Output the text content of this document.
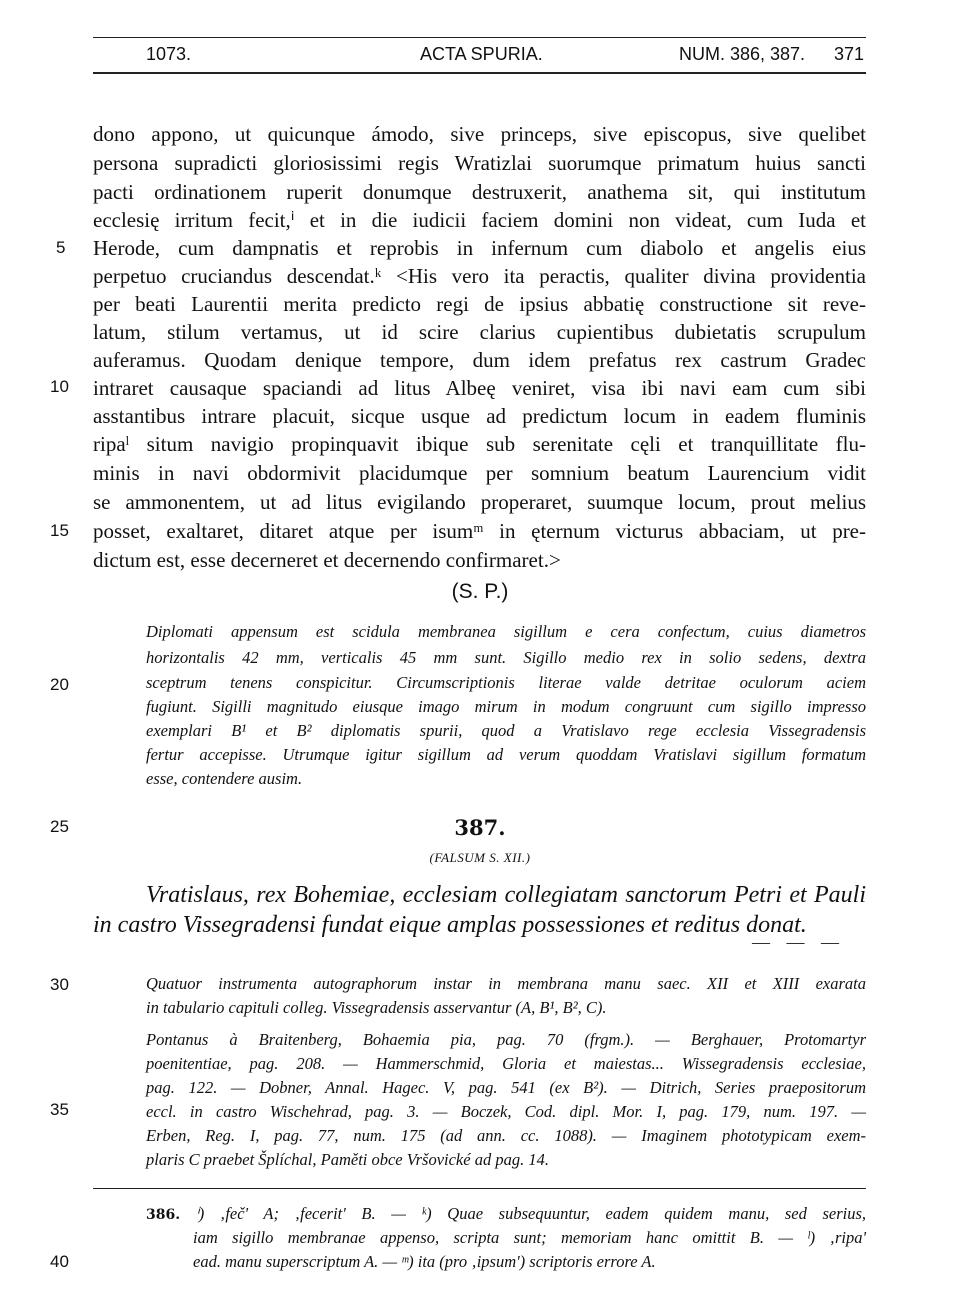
1073.	ACTA SPURIA.	NUM. 386, 387. 371
5
10
15
20
25
30
35
40
dono appono, ut quicunque ámodo, sive princeps, sive episcopus, sive quelibet
persona supradicti gloriosissimi regis Wratizlai suorumque primatum huius sancti
pacti ordinationem ruperit donumque destruxerit, anathema sit, qui institutum
ecclesię irritum fecit,ⁱ et in die iudicii faciem domini non videat, cum Iuda et
Herode, cum dampnatis et reprobis in infernum cum diabolo et angelis eius
perpetuo cruciandus descendat.ᵏ <His vero ita peractis, qualiter divina providentia
per beati Laurentii merita predicto regi de ipsius abbatię constructione sit reve-
latum, stilum vertamus, ut id scire clarius cupientibus dubietatis scrupulum
auferamus. Quodam denique tempore, dum idem prefatus rex castrum Gradec
intraret causaque spaciandi ad litus Albeę veniret, visa ibi navi eam cum sibi
asstantibus intrare placuit, sicque usque ad predictum locum in eadem fluminis
ripaˡ situm navigio propinquavit ibique sub serenitate cęli et tranquillitate flu-
minis in navi obdormivit placidumque per somnium beatum Laurencium vidit
se ammonentem, ut ad litus evigilando properaret, suumque locum, prout melius
posset, exaltaret, ditaret atque per isumᵐ in ęternum victurus abbaciam, ut pre-
dictum est, esse decerneret et decernendo confirmaret.>
(S. P.)
Diplomati appensum est scidula membranea sigillum e cera confectum, cuius diametros
horizontalis 42 mm, verticalis 45 mm sunt. Sigillo medio rex in solio sedens, dextra
sceptrum tenens conspicitur. Circumscriptionis literae valde detritae oculorum aciem
fugiunt. Sigilli magnitudo eiusque imago mirum in modum congruunt cum sigillo impresso
exemplari B¹ et B² diplomatis spurii, quod a Vratislavo rege ecclesia Vissegradensis
fertur accepisse. Utrumque igitur sigillum ad verum quoddam Vratislavi sigillum formatum
esse, contendere ausim.
387.
(FALSUM S. XII.)
Vratislaus, rex Bohemiae, ecclesiam collegiatam sanctorum Petri et Pauli
in castro Vissegradensi fundat eique amplas possessiones et reditus donat.
— — —
Quatuor instrumenta autographorum instar in membrana manu saec. XII et XIII exarata
in tabulario capituli colleg. Vissegradensis asservantur (A, B¹, B², C).
Pontanus à Braitenberg, Bohaemia pia, pag. 70 (frgm.). — Berghauer, Protomartyr
poenitentiae, pag. 208. — Hammerschmid, Gloria et maiestas... Wissegradensis ecclesiae,
pag. 122. — Dobner, Annal. Hagec. V, pag. 541 (ex B²). — Ditrich, Series praepositorum
eccl. in castro Wischehrad, pag. 3. — Boczek, Cod. dipl. Mor. I, pag. 179, num. 197. —
Erben, Reg. I, pag. 77, num. 175 (ad ann. cc. 1088). — Imaginem phototypicam exem-
plaris C praebet Šplíchal, Paměti obce Vršovické ad pag. 14.
386. ⁱ) ‚feč' A; ‚fecerit' B. — ᵏ) Quae subsequuntur, eadem quidem manu, sed serius,
iam sigillo membranae appenso, scripta sunt; memoriam hanc omittit B. — ˡ) ‚ripa'
ead. manu superscriptum A. — ᵐ) ita (pro ‚ipsum') scriptoris errore A.
